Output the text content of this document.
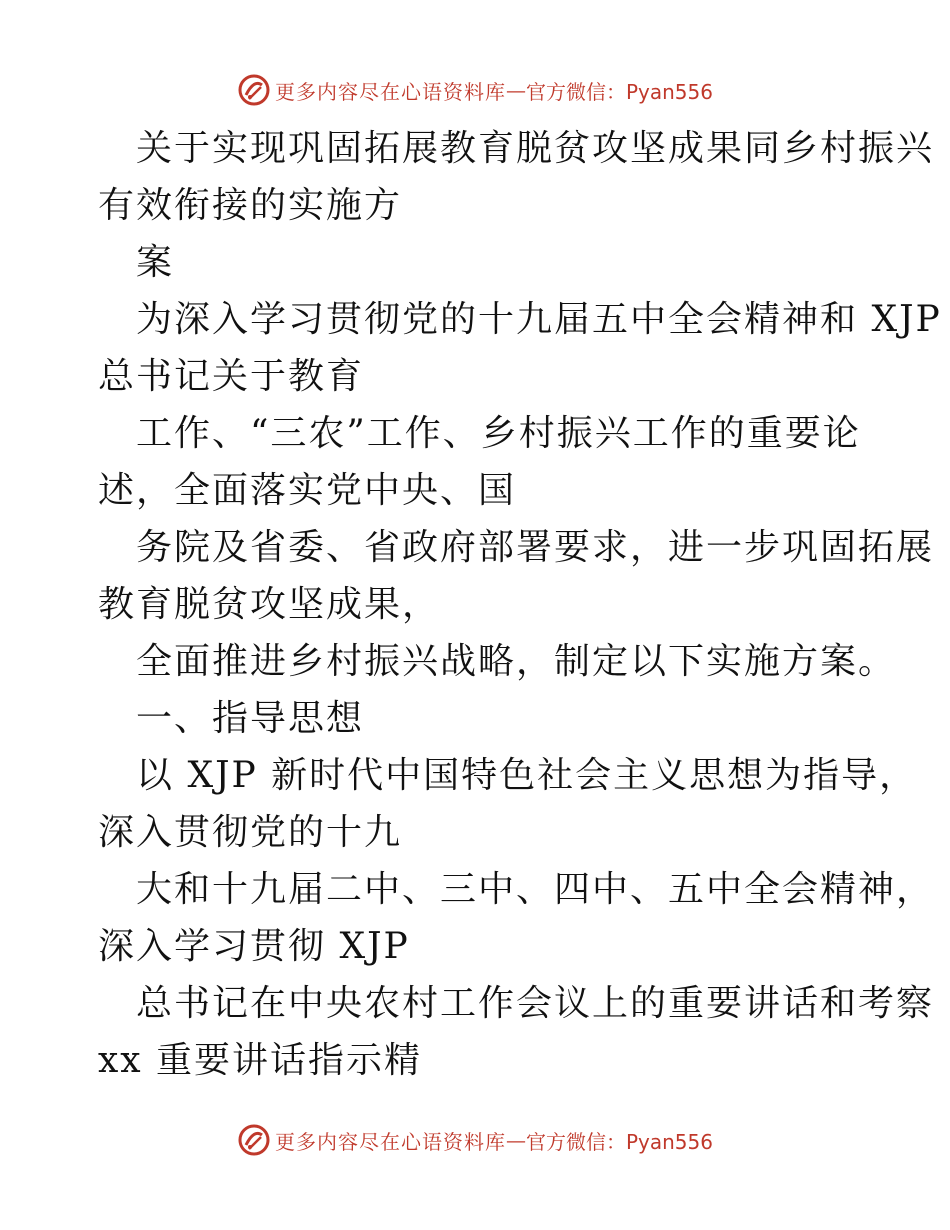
更多内容尽在心语资料库 — 官方微信：Pyan556
关于实现巩固拓展教育脱贫攻坚成果同乡村振兴
有效衔接的实施方
案
为深入学习贯彻党的十九届五中全会精神和 XJP
总书记关于教育
工作、“三农”工作、乡村振兴工作的重要论
述，全面落实党中央、国
务院及省委、省政府部署要求，进一步巩固拓展
教育脱贫攻坚成果，
全面推进乡村振兴战略，制定以下实施方案。
一、指导思想
以 XJP 新时代中国特色社会主义思想为指导，
深入贯彻党的十九
大和十九届二中、三中、四中、五中全会精神，
深入学习贯彻 XJP
总书记在中央农村工作会议上的重要讲话和考察
xx 重要讲话指示精
更多内容尽在心语资料库 — 官方微信：Pyan556
